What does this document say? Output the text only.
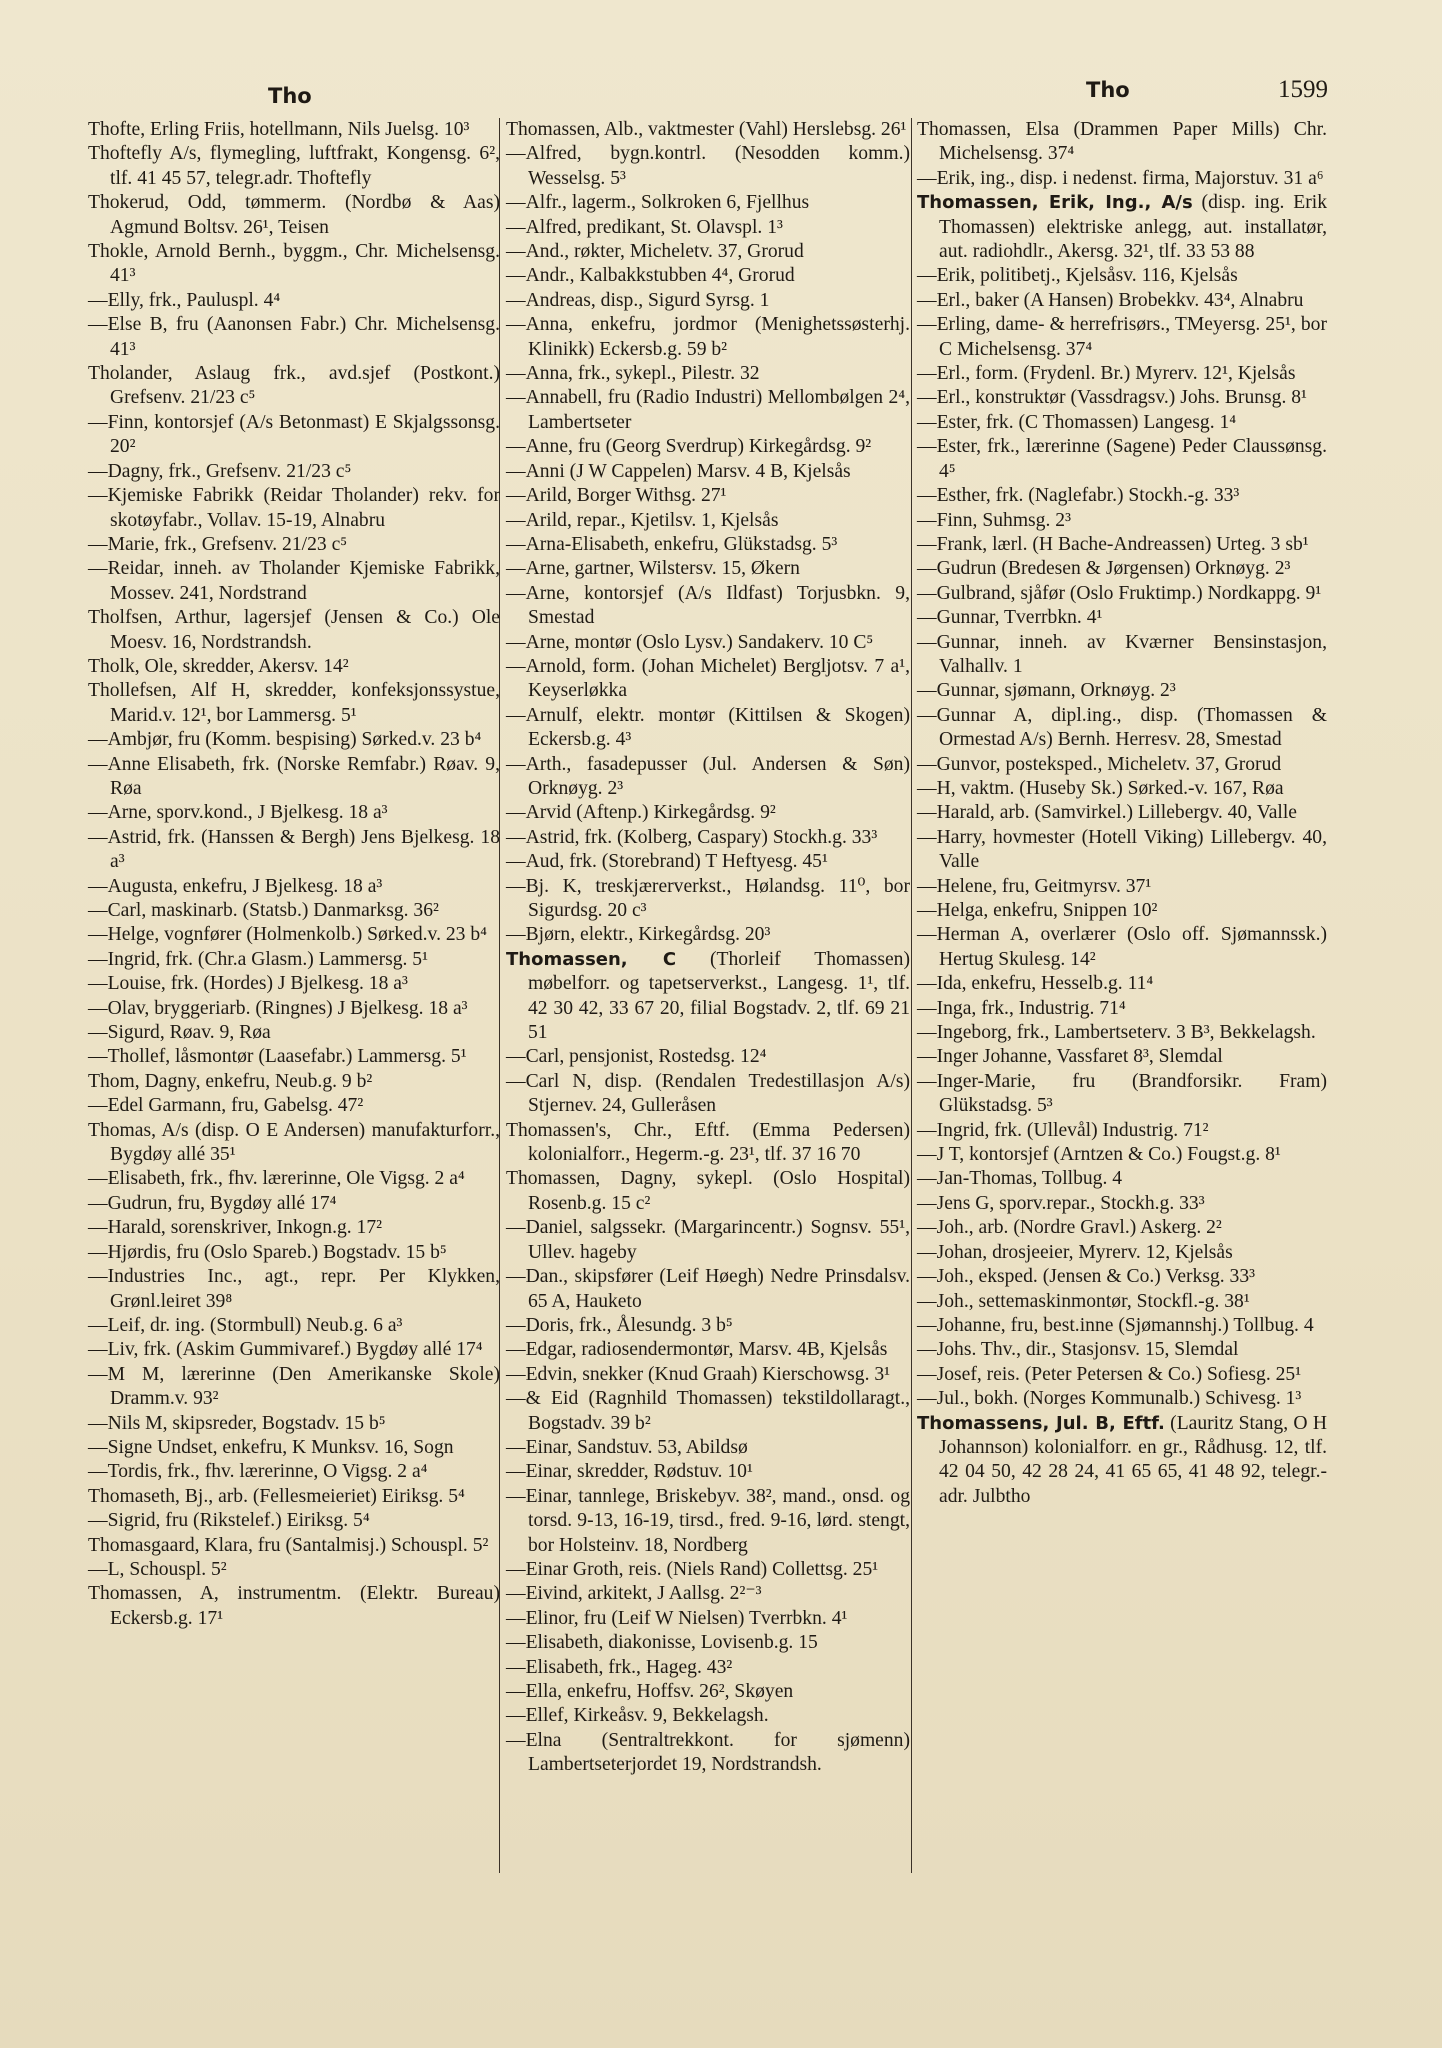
Tho	Tho	1599
Thofte, Erling Friis, hotellmann, Nils Juelsg. 10³
Thoftefly A/s, flymegling, luftfrakt, Kongensg. 6², tlf. 41 45 57, telegr.adr. Thoftefly
Thokerud, Odd, tømmerm. (Nordbø & Aas) Agmund Boltsv. 26¹, Teisen
Thokle, Arnold Bernh., byggm., Chr. Michelsensg. 41³
—Elly, frk., Pauluspl. 4⁴
—Else B, fru (Aanonsen Fabr.) Chr. Michelsensg. 41³
Tholander, Aslaug frk., avd.sjef (Postkont.) Grefsenv. 21/23 c⁵
—Finn, kontorsjef (A/s Betonmast) E Skjalgssonsg. 20²
—Dagny, frk., Grefsenv. 21/23 c⁵
—Kjemiske Fabrikk (Reidar Tholander) rekv. for skotøyfabr., Vollav. 15-19, Alnabru
—Marie, frk., Grefsenv. 21/23 c⁵
—Reidar, inneh. av Tholander Kjemiske Fabrikk, Mossev. 241, Nordstrand
Tholfsen, Arthur, lagersjef (Jensen & Co.) Ole Moesv. 16, Nordstrandsh.
Tholk, Ole, skredder, Akersv. 14²
Thollefsen, Alf H, skredder, konfeksjonssystue, Marid.v. 12¹, bor Lammersg. 5¹
—Ambjør, fru (Komm. bespising) Sørked.v. 23 b⁴
—Anne Elisabeth, frk. (Norske Remfabr.) Røav. 9, Røa
—Arne, sporv.kond., J Bjelkesg. 18 a³
—Astrid, frk. (Hanssen & Bergh) Jens Bjelkesg. 18 a³
—Augusta, enkefru, J Bjelkesg. 18 a³
—Carl, maskinarb. (Statsb.) Danmarksg. 36²
—Helge, vognfører (Holmenkolb.) Sørked.v. 23 b⁴
—Ingrid, frk. (Chr.a Glasm.) Lammersg. 5¹
—Louise, frk. (Hordes) J Bjelkesg. 18 a³
—Olav, bryggeriarb. (Ringnes) J Bjelkesg. 18 a³
—Sigurd, Røav. 9, Røa
—Thollef, låsmontør (Laasefabr.) Lammersg. 5¹
Thom, Dagny, enkefru, Neub.g. 9 b²
—Edel Garmann, fru, Gabelsg. 47²
Thomas, A/s (disp. O E Andersen) manufakturforr., Bygdøy allé 35¹
—Elisabeth, frk., fhv. lærerinne, Ole Vigsg. 2 a⁴
—Gudrun, fru, Bygdøy allé 17⁴
—Harald, sorenskriver, Inkogn.g. 17²
—Hjørdis, fru (Oslo Spareb.) Bogstadv. 15 b⁵
—Industries Inc., agt., repr. Per Klykken, Grønl.leiret 39⁸
—Leif, dr. ing. (Stormbull) Neub.g. 6 a³
—Liv, frk. (Askim Gummivaref.) Bygdøy allé 17⁴
—M M, lærerinne (Den Amerikanske Skole) Dramm.v. 93²
—Nils M, skipsreder, Bogstadv. 15 b⁵
—Signe Undset, enkefru, K Munksv. 16, Sogn
—Tordis, frk., fhv. lærerinne, O Vigsg. 2 a⁴
Thomaseth, Bj., arb. (Fellesmeieriet) Eiriksg. 5⁴
—Sigrid, fru (Rikstelef.) Eiriksg. 5⁴
Thomasgaard, Klara, fru (Santalmisj.) Schouspl. 5²
—L, Schouspl. 5²
Thomassen, A, instrumentm. (Elektr. Bureau) Eckersb.g. 17¹
Thomassen, Alb., vaktmester (Vahl) Herslebsg. 26¹
—Alfred, bygn.kontrl. (Nesodden komm.) Wesselsg. 5³
—Alfr., lagerm., Solkroken 6, Fjellhus
—Alfred, predikant, St. Olavspl. 1³
—And., røkter, Micheletv. 37, Grorud
—Andr., Kalbakkstubben 4⁴, Grorud
—Andreas, disp., Sigurd Syrsg. 1
—Anna, enkefru, jordmor (Menighetssøsterhj. Klinikk) Eckersb.g. 59 b²
—Anna, frk., sykepl., Pilestr. 32
—Annabell, fru (Radio Industri) Mellombølgen 2⁴, Lambertseter
—Anne, fru (Georg Sverdrup) Kirkegårdsg. 9²
—Anni (J W Cappelen) Marsv. 4 B, Kjelsås
—Arild, Borger Withsg. 27¹
—Arild, repar., Kjetilsv. 1, Kjelsås
—Arna-Elisabeth, enkefru, Glükstadsg. 5³
—Arne, gartner, Wilstersv. 15, Økern
—Arne, kontorsjef (A/s Ildfast) Torjusbkn. 9, Smestad
—Arne, montør (Oslo Lysv.) Sandakerv. 10 C⁵
—Arnold, form. (Johan Michelet) Bergljotsv. 7 a¹, Keyserløkka
—Arnulf, elektr. montør (Kittilsen & Skogen) Eckersb.g. 4³
—Arth., fasadepusser (Jul. Andersen & Søn) Orknøyg. 2³
—Arvid (Aftenp.) Kirkegårdsg. 9²
—Astrid, frk. (Kolberg, Caspary) Stockh.g. 33³
—Aud, frk. (Storebrand) T Heftyesg. 45¹
—Bj. K, treskjærerverkst., Hølandsg. 11⁰, bor Sigurdsg. 20 c³
—Bjørn, elektr., Kirkegårdsg. 20³
Thomassen, C (Thorleif Thomassen) møbelforr. og tapetserverkst., Langesg. 1¹, tlf. 42 30 42, 33 67 20, filial Bogstadv. 2, tlf. 69 21 51
—Carl, pensjonist, Rostedsg. 12⁴
—Carl N, disp. (Rendalen Tredestillasjon A/s) Stjernev. 24, Gulleråsen
Thomassen's, Chr., Eftf. (Emma Pedersen) kolonialforr., Hegerm.-g. 23¹, tlf. 37 16 70
Thomassen, Dagny, sykepl. (Oslo Hospital) Rosenb.g. 15 c²
—Daniel, salgssekr. (Margarincentr.) Sognsv. 55¹, Ullev. hageby
—Dan., skipsfører (Leif Høegh) Nedre Prinsdalsv. 65 A, Hauketo
—Doris, frk., Ålesundg. 3 b⁵
—Edgar, radiosendermontør, Marsv. 4B, Kjelsås
—Edvin, snekker (Knud Graah) Kierschowsg. 3¹
—& Eid (Ragnhild Thomassen) tekstildollaragt., Bogstadv. 39 b²
—Einar, Sandstuv. 53, Abildsø
—Einar, skredder, Rødstuv. 10¹
—Einar, tannlege, Briskebyv. 38², mand., onsd. og torsd. 9-13, 16-19, tirsd., fred. 9-16, lørd. stengt, bor Holsteinv. 18, Nordberg
—Einar Groth, reis. (Niels Rand) Collettsg. 25¹
—Eivind, arkitekt, J Aallsg. 2²⁻³
—Elinor, fru (Leif W Nielsen) Tverrbkn. 4¹
—Elisabeth, diakonisse, Lovisenb.g. 15
—Elisabeth, frk., Hageg. 43²
—Ella, enkefru, Hoffsv. 26², Skøyen
—Ellef, Kirkeåsv. 9, Bekkelagsh.
—Elna (Sentraltrekkont. for sjømenn) Lambertseterjordet 19, Nordstrandsh.
Thomassen, Elsa (Drammen Paper Mills) Chr. Michelsensg. 37⁴
—Erik, ing., disp. i nedenst. firma, Majorstuv. 31 a⁶
Thomassen, Erik, Ing., A/s (disp. ing. Erik Thomassen) elektriske anlegg, aut. installatør, aut. radiohdlr., Akersg. 32¹, tlf. 33 53 88
—Erik, politibetj., Kjelsåsv. 116, Kjelsås
—Erl., baker (A Hansen) Brobekkv. 43⁴, Alnabru
—Erling, dame- & herrefrisørs., TMeyersg. 25¹, bor C Michelsensg. 37⁴
—Erl., form. (Frydenl. Br.) Myrerv. 12¹, Kjelsås
—Erl., konstruktør (Vassdragsv.) Johs. Brunsg. 8¹
—Ester, frk. (C Thomassen) Langesg. 1⁴
—Ester, frk., lærerinne (Sagene) Peder Claussønsg. 4⁵
—Esther, frk. (Naglefabr.) Stockh.-g. 33³
—Finn, Suhmsg. 2³
—Frank, lærl. (H Bache-Andreassen) Urteg. 3 sb¹
—Gudrun (Bredesen & Jørgensen) Orknøyg. 2³
—Gulbrand, sjåfør (Oslo Fruktimp.) Nordkappg. 9¹
—Gunnar, Tverrbkn. 4¹
—Gunnar, inneh. av Kværner Bensinstasjon, Valhallv. 1
—Gunnar, sjømann, Orknøyg. 2³
—Gunnar A, dipl.ing., disp. (Thomassen & Ormestad A/s) Bernh. Herresv. 28, Smestad
—Gunvor, posteksped., Micheletv. 37, Grorud
—H, vaktm. (Huseby Sk.) Sørked.-v. 167, Røa
—Harald, arb. (Samvirkel.) Lillebergv. 40, Valle
—Harry, hovmester (Hotell Viking) Lillebergv. 40, Valle
—Helene, fru, Geitmyrsv. 37¹
—Helga, enkefru, Snippen 10²
—Herman A, overlærer (Oslo off. Sjømannssk.) Hertug Skulesg. 14²
—Ida, enkefru, Hesselb.g. 11⁴
—Inga, frk., Industrig. 71⁴
—Ingeborg, frk., Lambertseterv. 3 B³, Bekkelagsh.
—Inger Johanne, Vassfaret 8³, Slemdal
—Inger-Marie, fru (Brandforsikr. Fram) Glükstadsg. 5³
—Ingrid, frk. (Ullevål) Industrig. 71²
—J T, kontorsjef (Arntzen & Co.) Fougst.g. 8¹
—Jan-Thomas, Tollbug. 4
—Jens G, sporv.repar., Stockh.g. 33³
—Joh., arb. (Nordre Gravl.) Askerg. 2²
—Johan, drosjeeier, Myrerv. 12, Kjelsås
—Joh., eksped. (Jensen & Co.) Verksg. 33³
—Joh., settemaskinmontør, Stockfl.-g. 38¹
—Johanne, fru, best.inne (Sjømannshj.) Tollbug. 4
—Johs. Thv., dir., Stasjonsv. 15, Slemdal
—Josef, reis. (Peter Petersen & Co.) Sofiesg. 25¹
—Jul., bokh. (Norges Kommunalb.) Schivesg. 1³
Thomassens, Jul. B, Eftf. (Lauritz Stang, O H Johannson) kolonialforr. en gr., Rådhusg. 12, tlf. 42 04 50, 42 28 24, 41 65 65, 41 48 92, telegr.-adr. Julbtho
